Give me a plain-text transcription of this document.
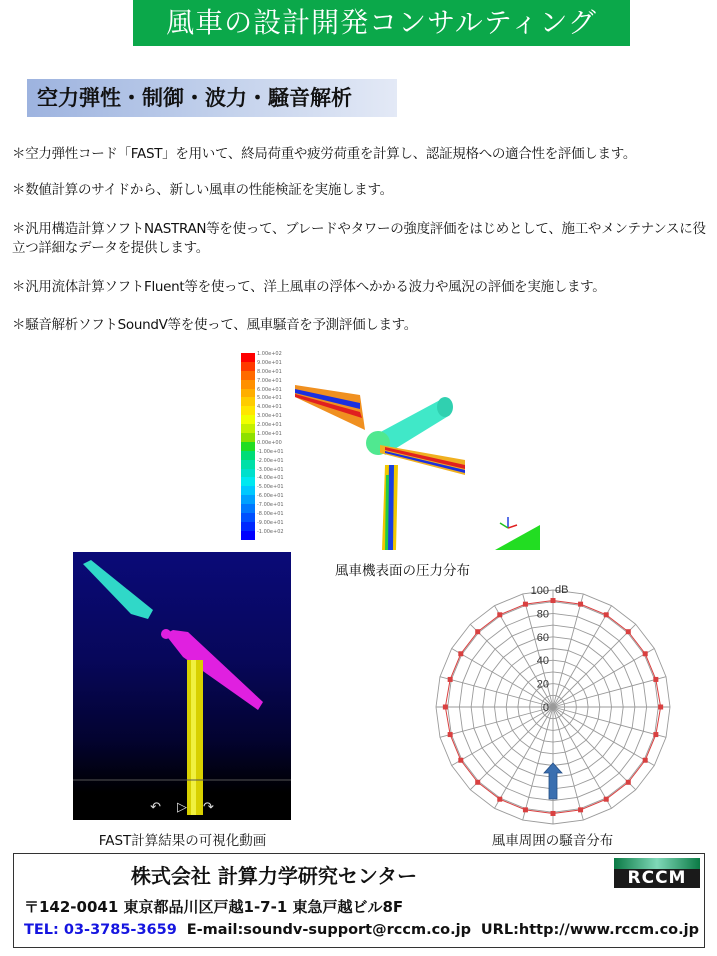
風車の設計開発コンサルティング
空力弾性・制御・波力・騒音解析
＊空力弾性コード「FAST」を用いて、終局荷重や疲労荷重を計算し、認証規格への適合性を評価します。
＊数値計算のサイドから、新しい風車の性能検証を実施します。
＊汎用構造計算ソフトNASTRAN等を使って、ブレードやタワーの強度評価をはじめとして、施工やメンテナンスに役立つ詳細なデータを提供します。
＊汎用流体計算ソフトFluent等を使って、洋上風車の浮体へかかる波力や風況の評価を実施します。
＊騒音解析ソフトSoundV等を使って、風車騒音を予測評価します。
1.00e+02
9.00e+01
8.00e+01
7.00e+01
6.00e+01
5.00e+01
4.00e+01
3.00e+01
2.00e+01
1.00e+01
0.00e+00
-1.00e+01
-2.00e+01
-3.00e+01
-4.00e+01
-5.00e+01
-6.00e+01
-7.00e+01
-8.00e+01
-9.00e+01
-1.00e+02
風車機表面の圧力分布
↶ ▷ ↷
FAST計算結果の可視化動画
0
20
40
60
80
100 dB
風車周囲の騒音分布
株式会社 計算力学研究センター	RCCM
〒142-0041 東京都品川区戸越1-7-1 東急戸越ビル8F
TEL: 03-3785-3659 E-mail:soundv-support@rccm.co.jp URL:http://www.rccm.co.jp
